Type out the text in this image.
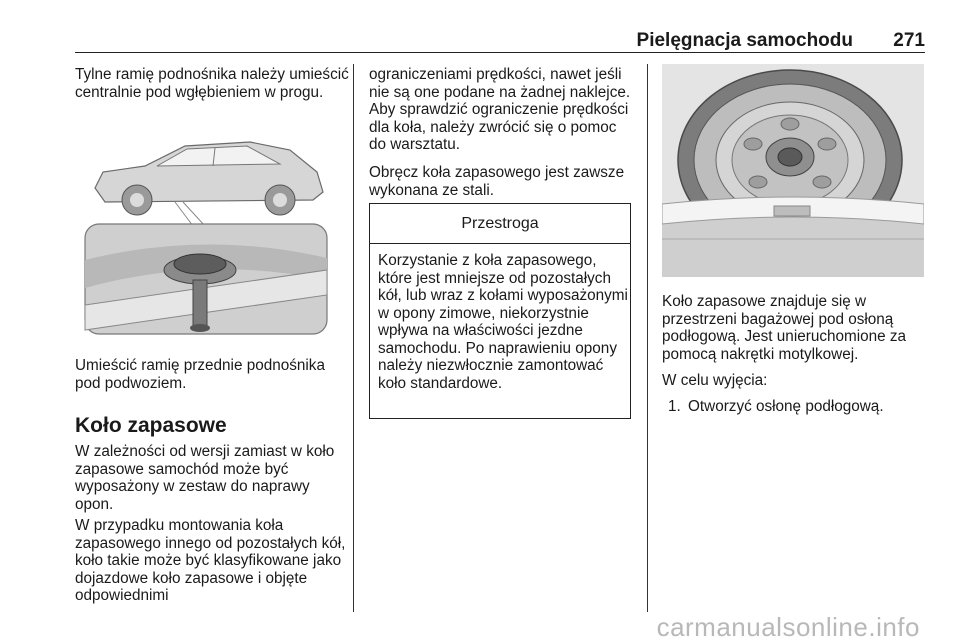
Pielęgnacja samochodu 271

Tylne ramię podnośnika należy umieścić centralnie pod wgłębieniem w progu.

Umieścić ramię przednie podnośnika pod podwoziem.

Koło zapasowe

W zależności od wersji zamiast w koło zapasowe samochód może być wyposażony w zestaw do naprawy opon.

W przypadku montowania koła zapasowego innego od pozostałych kół, koło takie może być klasyfikowane jako dojazdowe koło zapasowe i objęte odpowiednimi

ograniczeniami prędkości, nawet jeśli nie są one podane na żadnej naklejce. Aby sprawdzić ograniczenie prędkości dla koła, należy zwrócić się o pomoc do warsztatu.

Obręcz koła zapasowego jest zawsze wykonana ze stali.

Przestroga

Korzystanie z koła zapasowego, które jest mniejsze od pozostałych kół, lub wraz z kołami wyposażonymi w opony zimowe, niekorzystnie wpływa na właściwości jezdne samochodu. Po naprawieniu opony należy niezwłocznie zamontować koło standardowe.

Koło zapasowe znajduje się w przestrzeni bagażowej pod osłoną podłogową. Jest unieruchomione za pomocą nakrętki motylkowej.

W celu wyjęcia:

1. Otworzyć osłonę podłogową.
carmanualsonline.info
